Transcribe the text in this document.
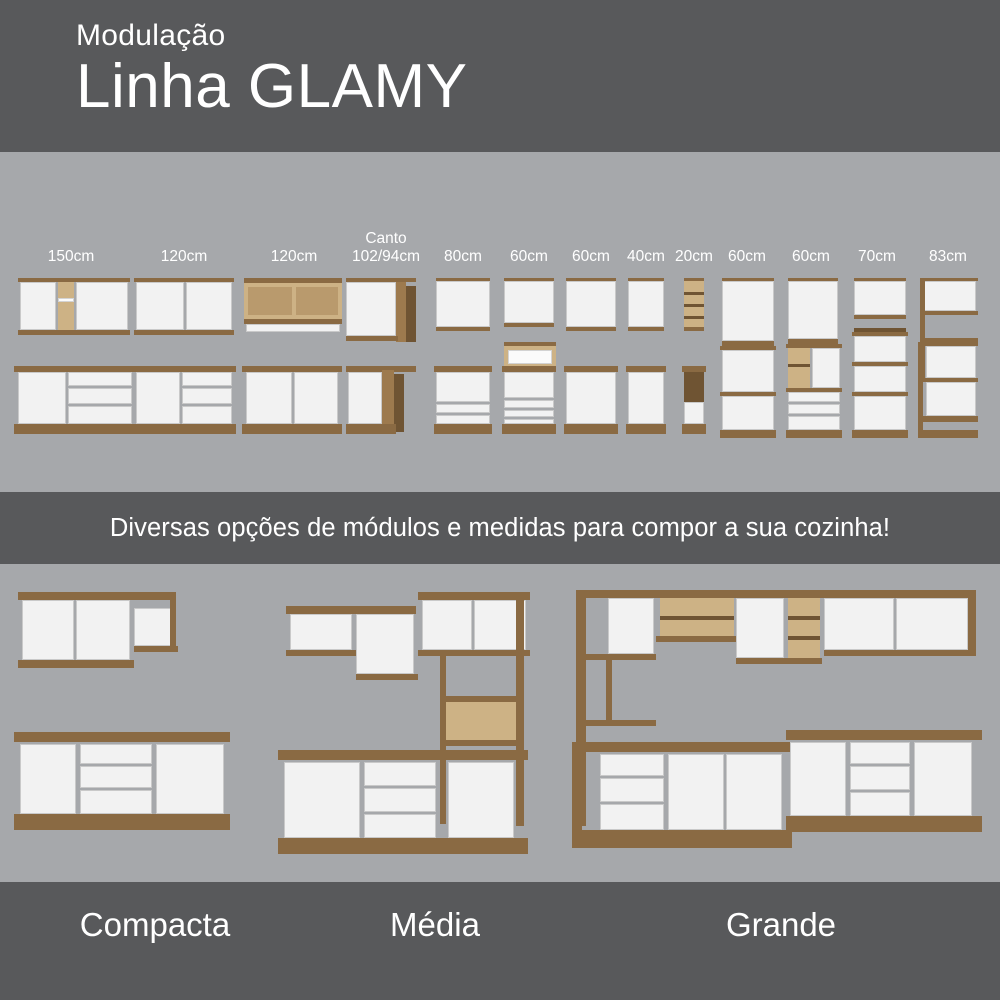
Modulação
Linha GLAMY
150cm	120cm	120cm
Canto
102/94cm 80cm 60cm 60cm 40cm 20cm 60cm 60cm 70cm 83cm
Diversas opções de módulos e medidas para compor a sua cozinha!
Compacta	Média	Grande
